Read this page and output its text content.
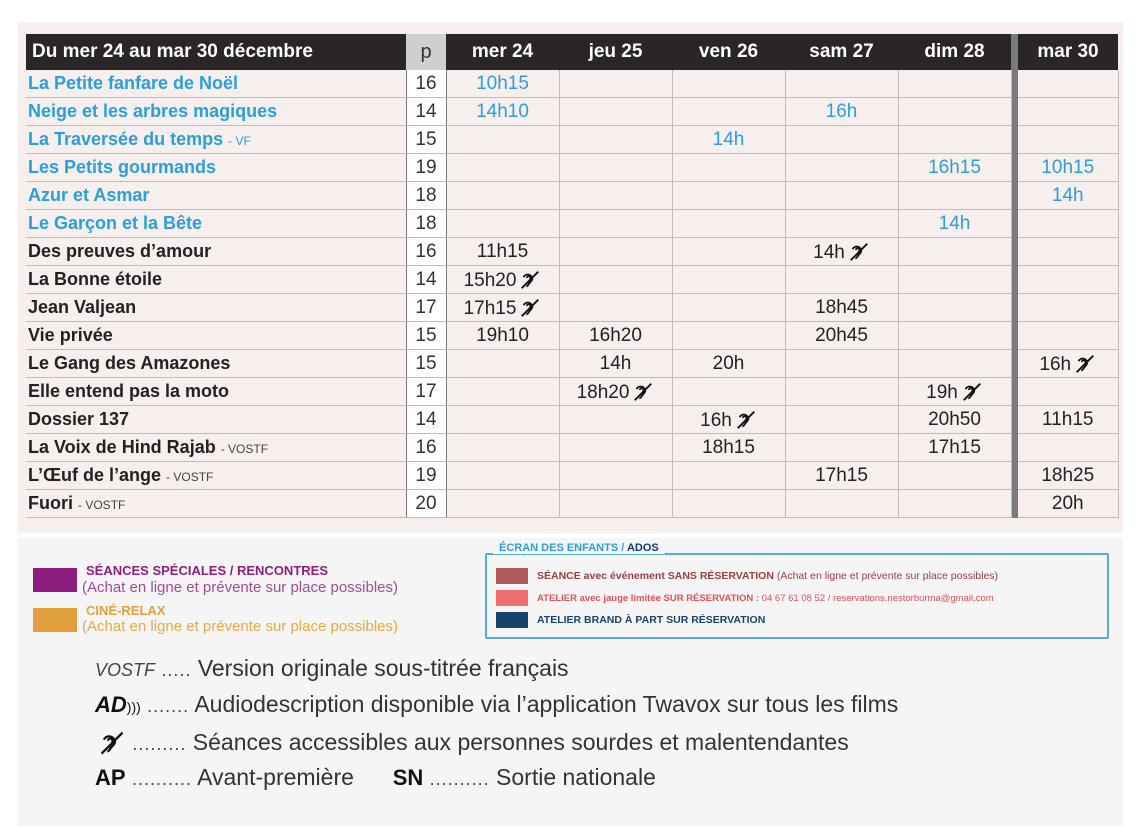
Du mer 24 au mar 30 décembre	p	mer 24	jeu 25	ven 26	sam 27	dim 28		mar 30
La Petite fanfare de Noël	16	10h15						
Neige et les arbres magiques	14	14h10			16h			
La Traversée du temps - VF	15			14h				
Les Petits gourmands	19					16h15		10h15
Azur et Asmar	18							14h
Le Garçon et la Bête	18					14h		
Des preuves d’amour	16	11h15			14h			
La Bonne étoile	14	15h20						
Jean Valjean	17	17h15			18h45			
Vie privée	15	19h10	16h20		20h45			
Le Gang des Amazones	15		14h	20h				16h
Elle entend pas la moto	17		18h20			19h		
Dossier 137	14			16h		20h50		11h15
La Voix de Hind Rajab - VOSTF	16			18h15		17h15		
L’Œuf de l’ange - VOSTF	19				17h15			18h25
Fuori - VOSTF	20							20h
SÉANCES SPÉCIALES / RENCONTRES
(Achat en ligne et prévente sur place possibles)
CINÉ-RELAX
(Achat en ligne et prévente sur place possibles)
ÉCRAN DES ENFANTS / ADOS
SÉANCE avec événement SANS RÉSERVATION (Achat en ligne et prévente sur place possibles)
ATELIER avec jauge limitée SUR RÉSERVATION : 04 67 61 08 52 / reservations.nestorburma@gmail.com
ATELIER BRAND À PART SUR RÉSERVATION
VOSTF ..... Version originale sous-titrée français
AD))) ....... Audiodescription disponible via l’application Twavox sur tous les films
......... Séances accessibles aux personnes sourdes et malentendantes
AP .......... Avant-première SN .......... Sortie nationale
